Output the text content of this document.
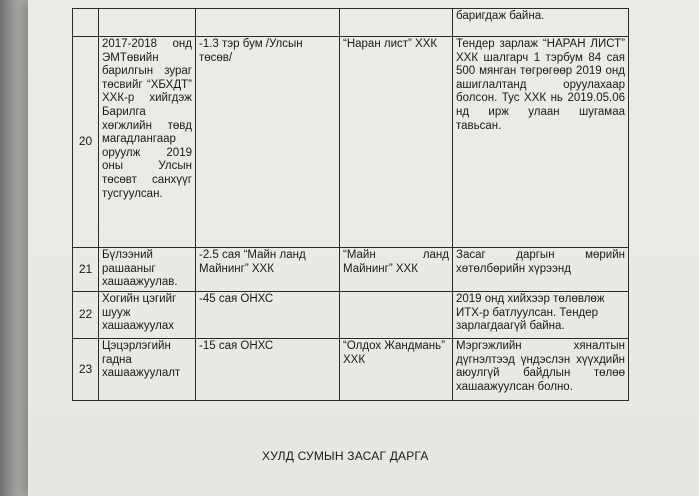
				баригдаж байна.
20	2017-2018 онд ЭМТөвийн барилгын зураг төсвийг “ХБХДТ” ХХК-р хийгдэж Барилга хөгжлийн төвд магадлангаар оруулж 2019 оны Улсын төсөвт санхүүг тусгуулсан.	-1.3 тэр бум /Улсын төсөв/	“Наран лист” ХХК	Тендер зарлаж “НАРАН ЛИСТ” ХХК шалгарч 1 тэрбум 84 сая 500 мянган төгрөгөөр 2019 онд ашиглалтанд оруулахаар болсон. Тус ХХК нь 2019.05.06 нд ирж улаан шугамаа тавьсан.
21	Бүлээний рашааныг хашаажуулав.	-2.5 сая “Майн ланд Майнинг” ХХК	“Майн ланд Майнинг” ХХК	Засаг даргын мөрийн хөтөлбөрийн хүрээнд
22	Хогийн цэгийг шууж хашаажуулах	-45 сая ОНХС		2019 онд хийхээр төлөвлөж ИТХ-р батлуулсан. Тендер зарлагдаагүй байна.
23	Цэцэрлэгийн гадна хашаажуулалт	-15 сая ОНХС	“Олдох Жандмань” ХХК	Мэргэжлийн хяналтын дүгнэлтээд үндэслэн хүүхдийн аюулгүй байдлын төлөө хашаажуулсан болно.
ХУЛД СУМЫН ЗАСАГ ДАРГА
